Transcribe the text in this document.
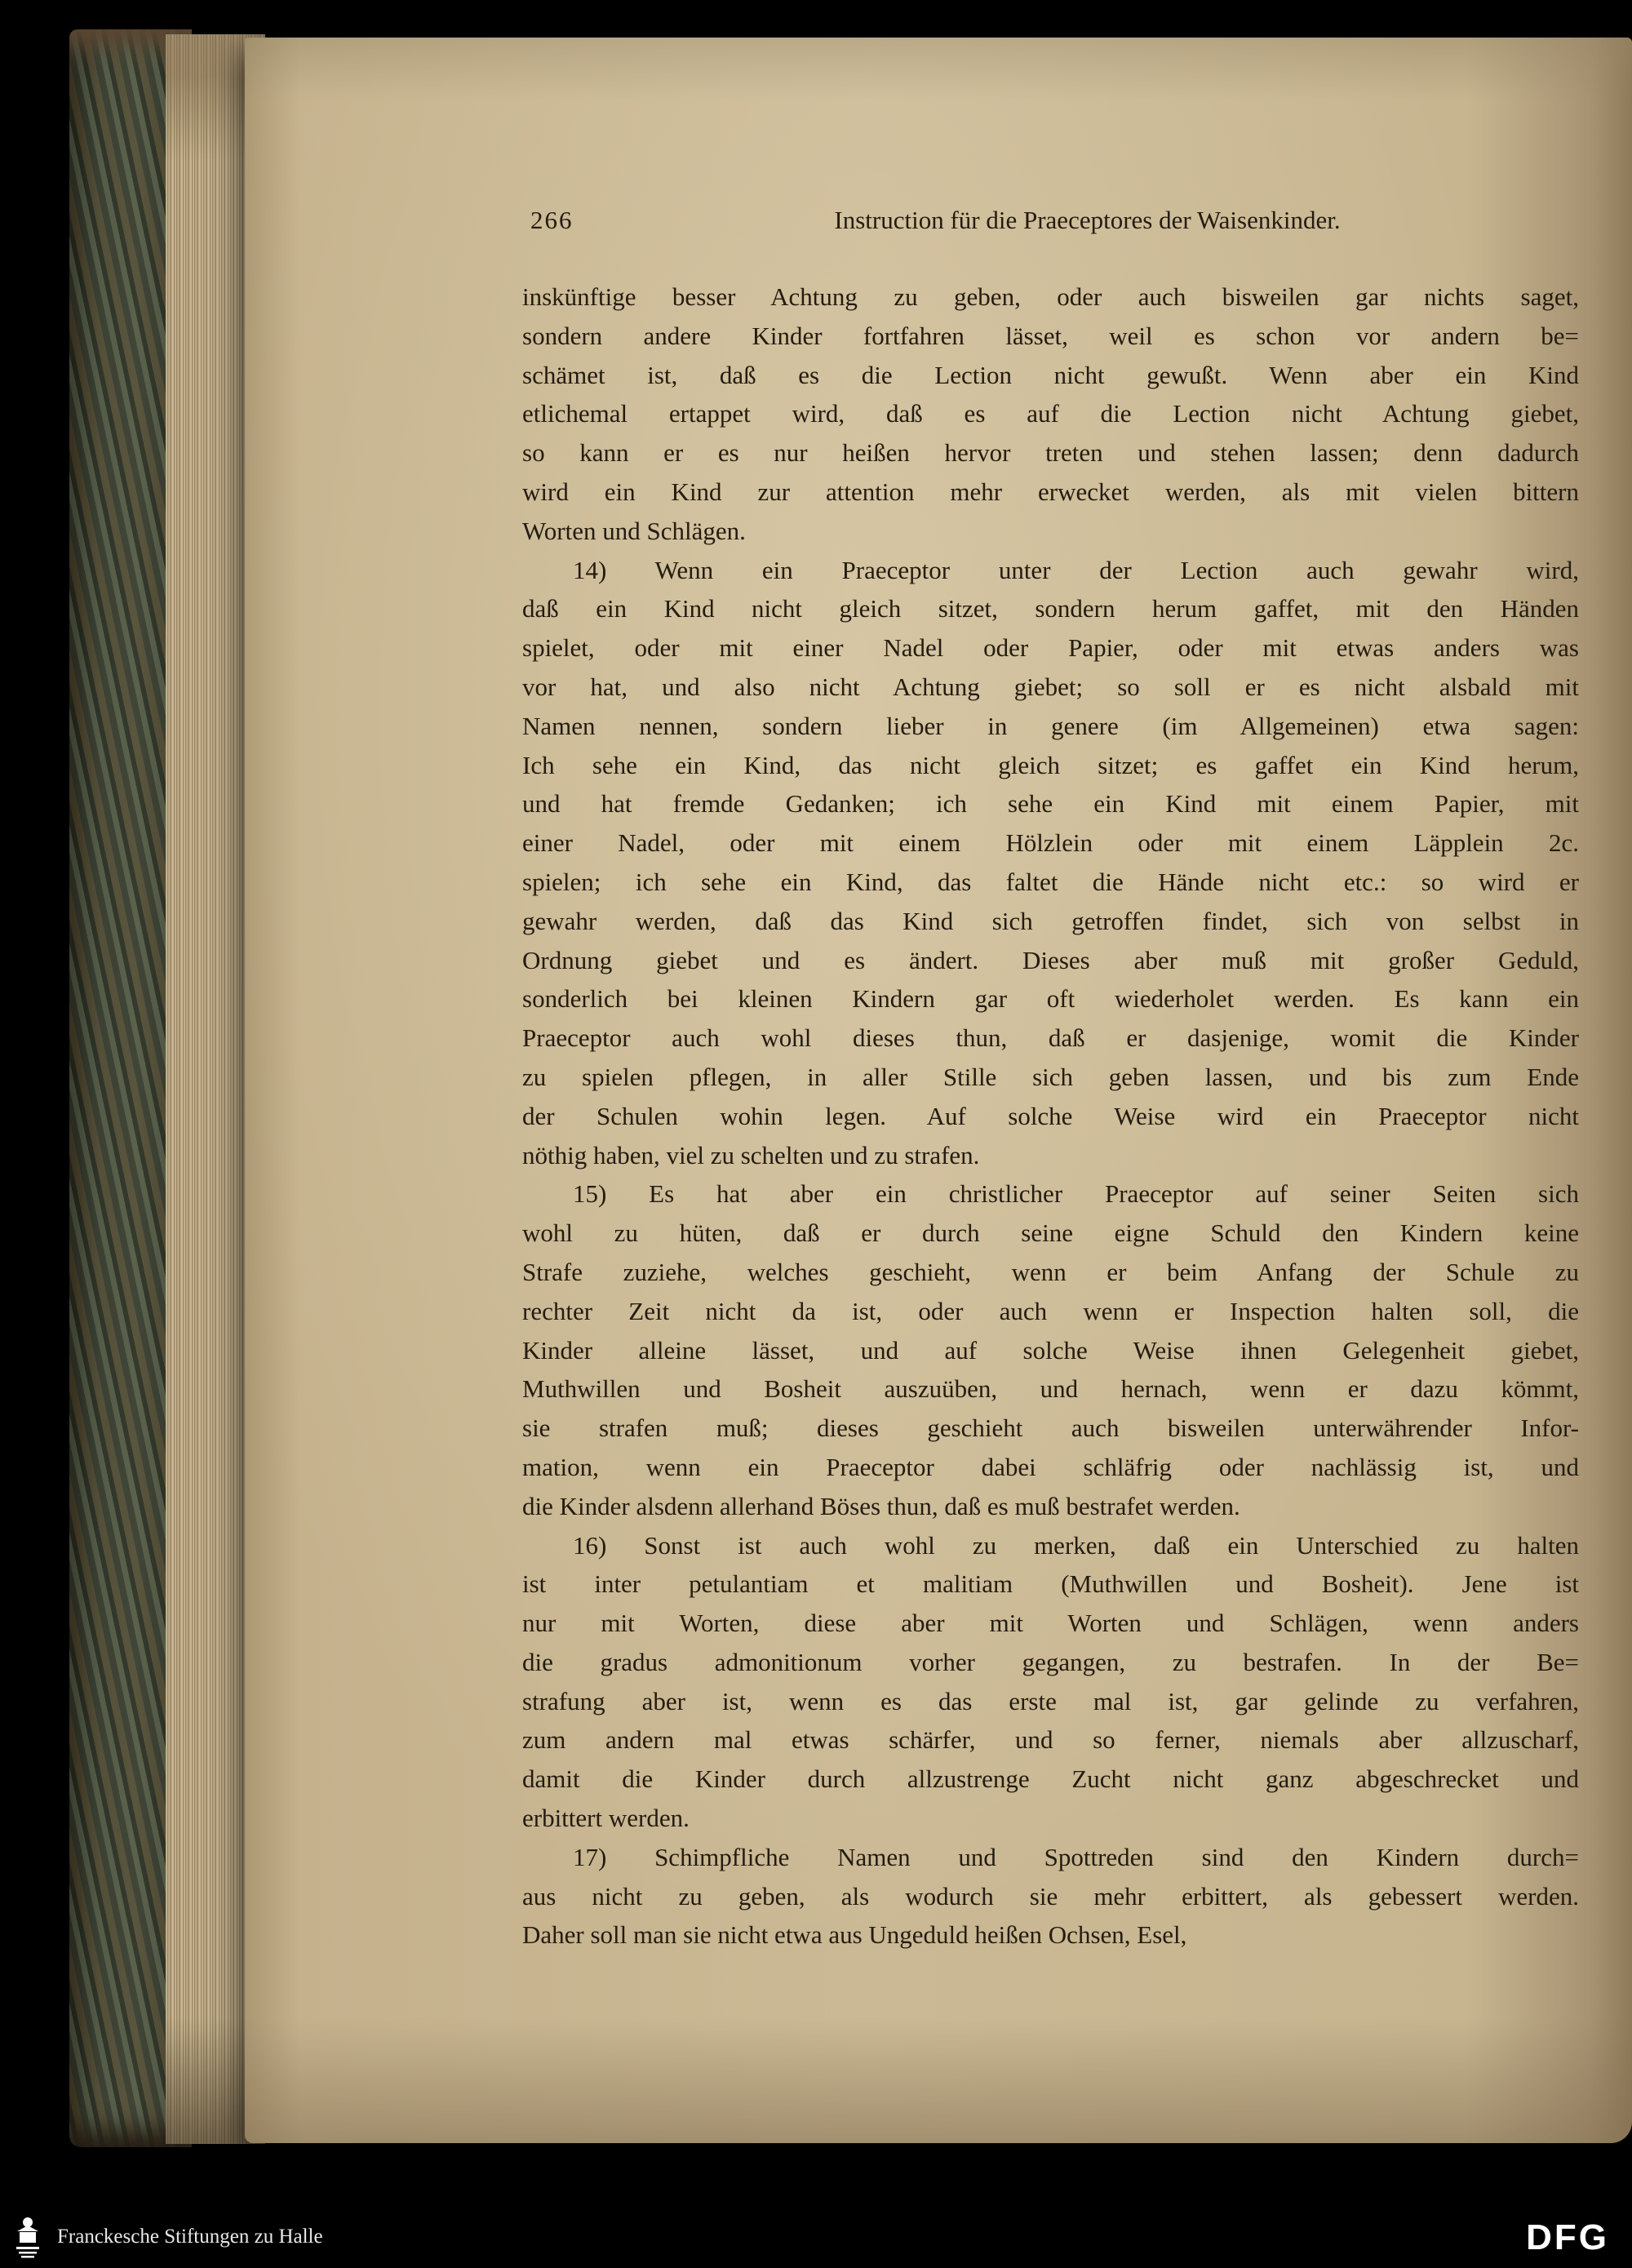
266	Instruction für die Praeceptores der Waisenkinder.
inskünftige besser Achtung zu geben, oder auch bisweilen gar nichts saget,
sondern andere Kinder fortfahren lässet, weil es schon vor andern be=
schämet ist, daß es die Lection nicht gewußt. Wenn aber ein Kind
etlichemal ertappet wird, daß es auf die Lection nicht Achtung giebet,
so kann er es nur heißen hervor treten und stehen lassen; denn dadurch
wird ein Kind zur attention mehr erwecket werden, als mit vielen bittern
Worten und Schlägen.
14) Wenn ein Praeceptor unter der Lection auch gewahr wird,
daß ein Kind nicht gleich sitzet, sondern herum gaffet, mit den Händen
spielet, oder mit einer Nadel oder Papier, oder mit etwas anders was
vor hat, und also nicht Achtung giebet; so soll er es nicht alsbald mit
Namen nennen, sondern lieber in genere (im Allgemeinen) etwa sagen:
Ich sehe ein Kind, das nicht gleich sitzet; es gaffet ein Kind herum,
und hat fremde Gedanken; ich sehe ein Kind mit einem Papier, mit
einer Nadel, oder mit einem Hölzlein oder mit einem Läpplein 2c.
spielen; ich sehe ein Kind, das faltet die Hände nicht etc.: so wird er
gewahr werden, daß das Kind sich getroffen findet, sich von selbst in
Ordnung giebet und es ändert. Dieses aber muß mit großer Geduld,
sonderlich bei kleinen Kindern gar oft wiederholet werden. Es kann ein
Praeceptor auch wohl dieses thun, daß er dasjenige, womit die Kinder
zu spielen pflegen, in aller Stille sich geben lassen, und bis zum Ende
der Schulen wohin legen. Auf solche Weise wird ein Praeceptor nicht
nöthig haben, viel zu schelten und zu strafen.
15) Es hat aber ein christlicher Praeceptor auf seiner Seiten sich
wohl zu hüten, daß er durch seine eigne Schuld den Kindern keine
Strafe zuziehe, welches geschieht, wenn er beim Anfang der Schule zu
rechter Zeit nicht da ist, oder auch wenn er Inspection halten soll, die
Kinder alleine lässet, und auf solche Weise ihnen Gelegenheit giebet,
Muthwillen und Bosheit auszuüben, und hernach, wenn er dazu kömmt,
sie strafen muß; dieses geschieht auch bisweilen unterwährender Infor-
mation, wenn ein Praeceptor dabei schläfrig oder nachlässig ist, und
die Kinder alsdenn allerhand Böses thun, daß es muß bestrafet werden.
16) Sonst ist auch wohl zu merken, daß ein Unterschied zu halten
ist inter petulantiam et malitiam (Muthwillen und Bosheit). Jene ist
nur mit Worten, diese aber mit Worten und Schlägen, wenn anders
die gradus admonitionum vorher gegangen, zu bestrafen. In der Be=
strafung aber ist, wenn es das erste mal ist, gar gelinde zu verfahren,
zum andern mal etwas schärfer, und so ferner, niemals aber allzuscharf,
damit die Kinder durch allzustrenge Zucht nicht ganz abgeschrecket und
erbittert werden.
17) Schimpfliche Namen und Spottreden sind den Kindern durch=
aus nicht zu geben, als wodurch sie mehr erbittert, als gebessert werden.
Daher soll man sie nicht etwa aus Ungeduld heißen Ochsen, Esel,
Franckesche Stiftungen zu Halle	DFG
